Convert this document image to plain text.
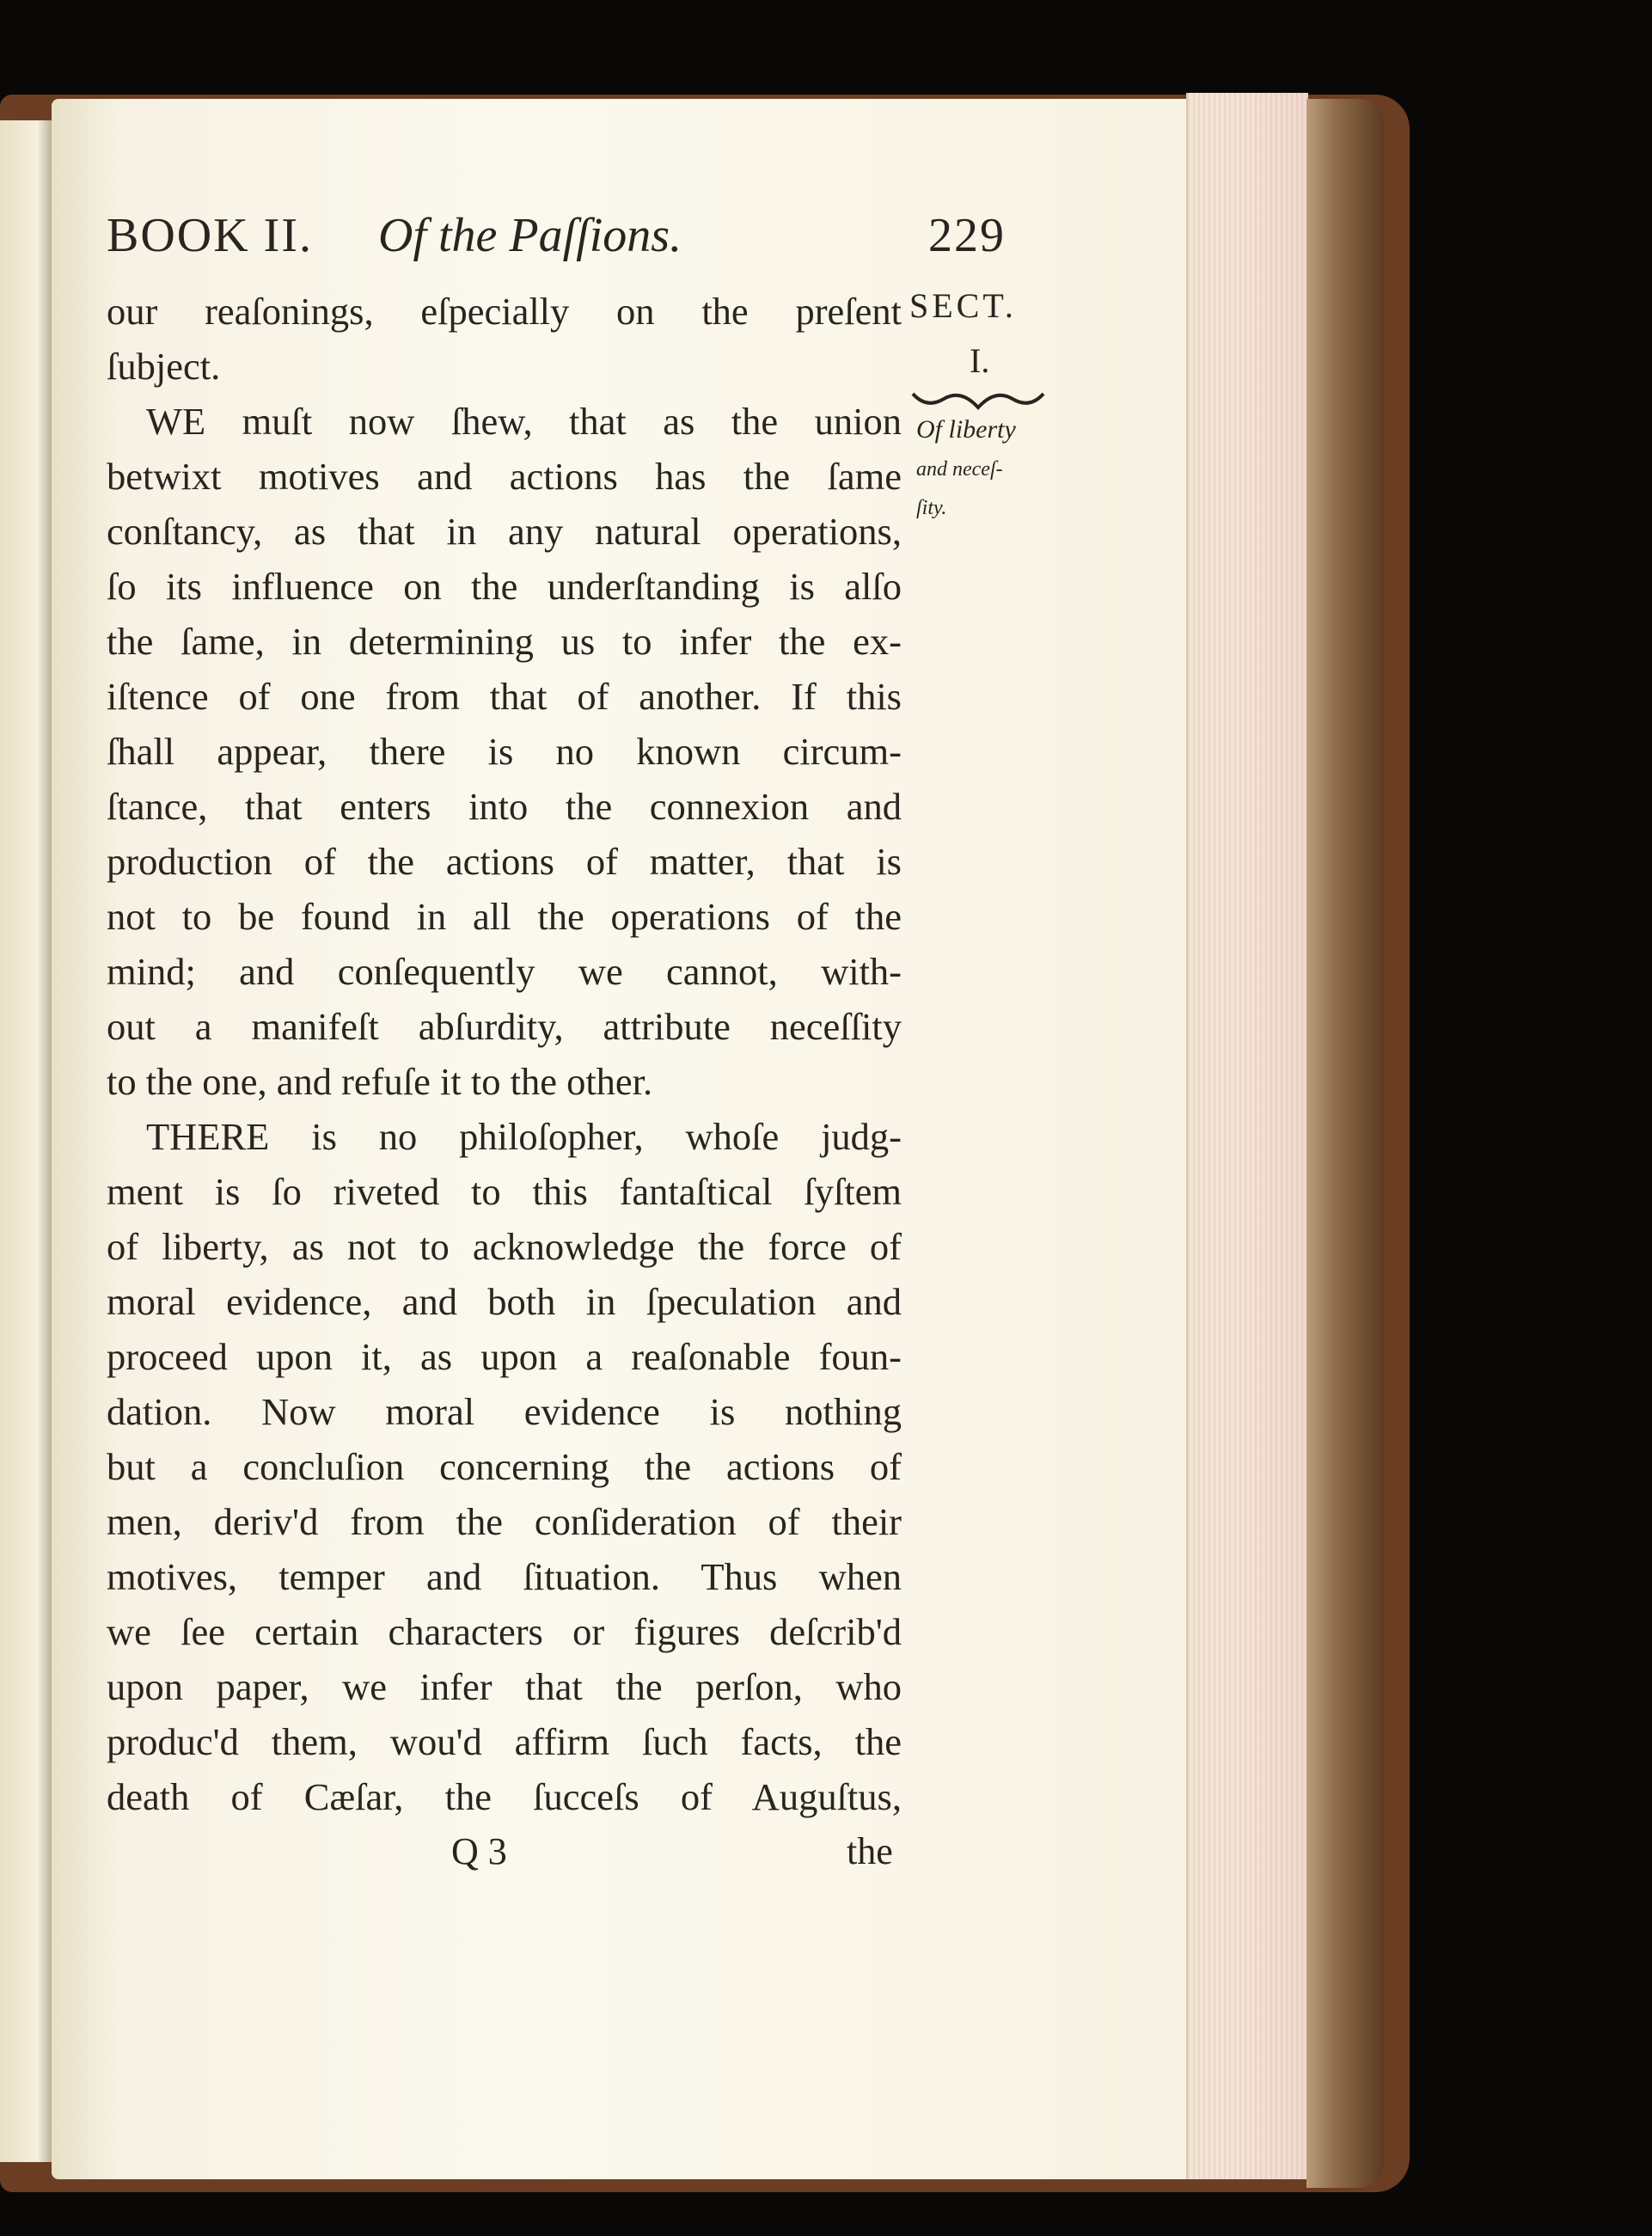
BOOK II. Of the Paſſions.	229
SECT.
I.
Of liberty
and neceſ-
ſity.
our reaſonings, eſpecially on the preſent
ſubject.
WE muſt now ſhew, that as the union
betwixt motives and actions has the ſame
conſtancy, as that in any natural operations,
ſo its influence on the underſtanding is alſo
the ſame, in determining us to infer the ex-
iſtence of one from that of another. If this
ſhall appear, there is no known circum-
ſtance, that enters into the connexion and
production of the actions of matter, that is
not to be found in all the operations of the
mind; and conſequently we cannot, with-
out a manifeſt abſurdity, attribute neceſſity
to the one, and refuſe it to the other.
THERE is no philoſopher, whoſe judg-
ment is ſo riveted to this fantaſtical ſyſtem
of liberty, as not to acknowledge the force of
moral evidence, and both in ſpeculation and
proceed upon it, as upon a reaſonable foun-
dation. Now moral evidence is nothing
but a concluſion concerning the actions of
men, deriv'd from the conſideration of their
motives, temper and ſituation. Thus when
we ſee certain characters or figures deſcrib'd
upon paper, we infer that the perſon, who
produc'd them, wou'd affirm ſuch facts, the
death of Cæſar, the ſucceſs of Auguſtus,
Q 3	the
